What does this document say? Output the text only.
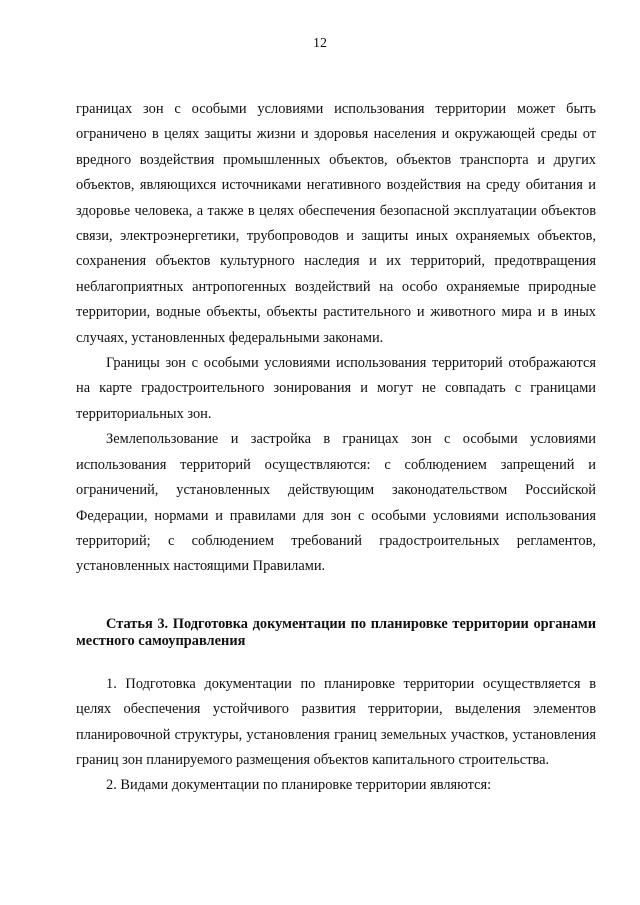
12

границах зон с особыми условиями использования территории может быть ограничено в целях защиты жизни и здоровья населения и окружающей среды от вредного воздействия промышленных объектов, объектов транспорта и других объектов, являющихся источниками негативного воздействия на среду обитания и здоровье человека, а также в целях обеспечения безопасной эксплуатации объектов связи, электроэнергетики, трубопроводов и защиты иных охраняемых объектов, сохранения объектов культурного наследия и их территорий, предотвращения неблагоприятных антропогенных воздействий на особо охраняемые природные территории, водные объекты, объекты растительного и животного мира и в иных случаях, установленных федеральными законами.

Границы зон с особыми условиями использования территорий отображаются на карте градостроительного зонирования и могут не совпадать с границами территориальных зон.

Землепользование и застройка в границах зон с особыми условиями использования территорий осуществляются: с соблюдением запрещений и ограничений, установленных действующим законодательством Российской Федерации, нормами и правилами для зон с особыми условиями использования территорий; с соблюдением требований градостроительных регламентов, установленных настоящими Правилами.

Статья 3. Подготовка документации по планировке территории органами местного самоуправления

1. Подготовка документации по планировке территории осуществляется в целях обеспечения устойчивого развития территории, выделения элементов планировочной структуры, установления границ земельных участков, установления границ зон планируемого размещения объектов капитального строительства.

2. Видами документации по планировке территории являются:
